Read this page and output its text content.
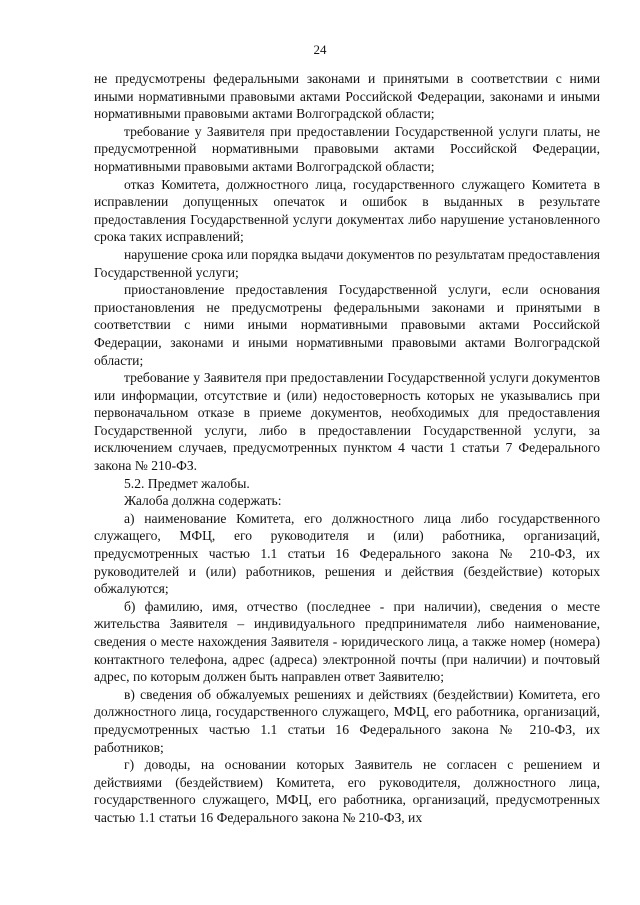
24

не предусмотрены федеральными законами и принятыми в соответствии с ними иными нормативными правовыми актами Российской Федерации, законами и иными нормативными правовыми актами Волгоградской области;

требование у Заявителя при предоставлении Государственной услуги платы, не предусмотренной нормативными правовыми актами Российской Федерации, нормативными правовыми актами Волгоградской области;

отказ Комитета, должностного лица, государственного служащего Комитета в исправлении допущенных опечаток и ошибок в выданных в результате предоставления Государственной услуги документах либо нарушение установленного срока таких исправлений;

нарушение срока или порядка выдачи документов по результатам предоставления Государственной услуги;

приостановление предоставления Государственной услуги, если основания приостановления не предусмотрены федеральными законами и принятыми в соответствии с ними иными нормативными правовыми актами Российской Федерации, законами и иными нормативными правовыми актами Волгоградской области;

требование у Заявителя при предоставлении Государственной услуги документов или информации, отсутствие и (или) недостоверность которых не указывались при первоначальном отказе в приеме документов, необходимых для предоставления Государственной услуги, либо в предоставлении Государственной услуги, за исключением случаев, предусмотренных пунктом 4 части 1 статьи 7 Федерального закона № 210-ФЗ.

5.2. Предмет жалобы.

Жалоба должна содержать:

а) наименование Комитета, его должностного лица либо государственного служащего, МФЦ, его руководителя и (или) работника, организаций, предусмотренных частью 1.1 статьи 16 Федерального закона № 210-ФЗ, их руководителей и (или) работников, решения и действия (бездействие) которых обжалуются;

б) фамилию, имя, отчество (последнее - при наличии), сведения о месте жительства Заявителя – индивидуального предпринимателя либо наименование, сведения о месте нахождения Заявителя - юридического лица, а также номер (номера) контактного телефона, адрес (адреса) электронной почты (при наличии) и почтовый адрес, по которым должен быть направлен ответ Заявителю;

в) сведения об обжалуемых решениях и действиях (бездействии) Комитета, его должностного лица, государственного служащего, МФЦ, его работника, организаций, предусмотренных частью 1.1 статьи 16 Федерального закона № 210-ФЗ, их работников;

г) доводы, на основании которых Заявитель не согласен с решением и действиями (бездействием) Комитета, его руководителя, должностного лица, государственного служащего, МФЦ, его работника, организаций, предусмотренных частью 1.1 статьи 16 Федерального закона № 210-ФЗ, их
